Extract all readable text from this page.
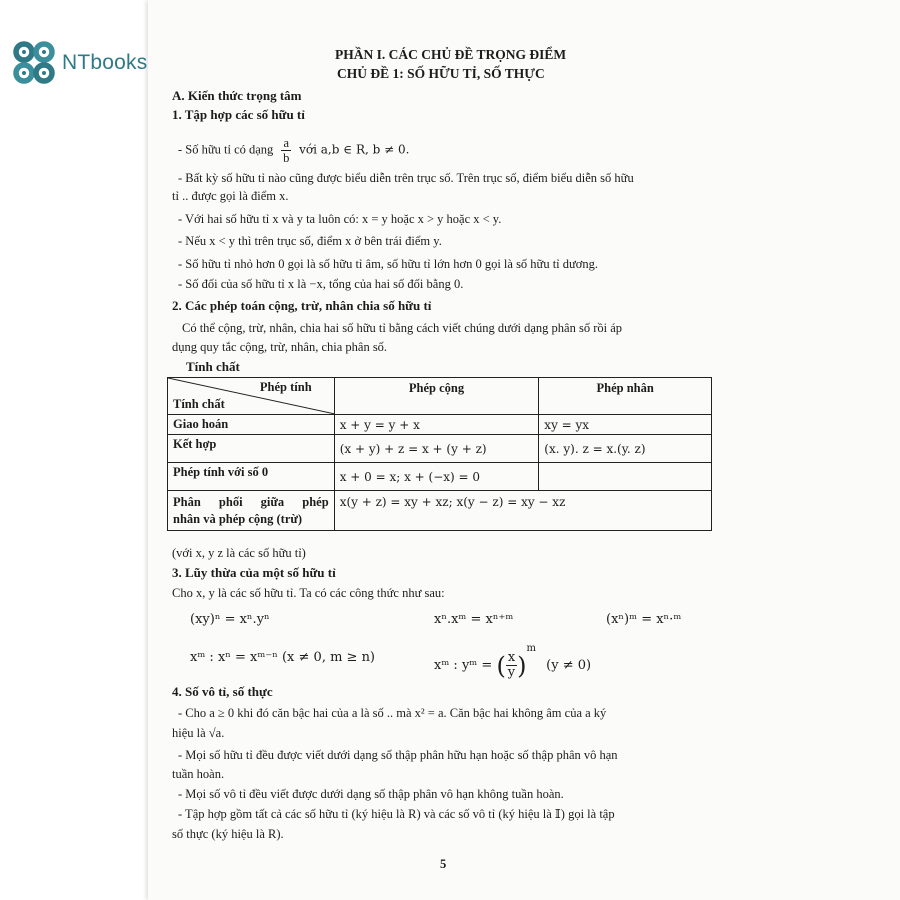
NTbooks	PHẦN I. CÁC CHỦ ĐỀ TRỌNG ĐIỂM
CHỦ ĐỀ 1: SỐ HỮU TỈ, SỐ THỰC
A. Kiến thức trọng tâm
1. Tập hợp các số hữu tỉ
- Số hữu tỉ có dạng $\frac{a}{b}$ với a,b ∈ R, b ≠ 0.
- Bất kỳ số hữu tỉ nào cũng được biểu diễn trên trục số. Trên trục số, điểm biểu diễn số hữu
tỉ .. được gọi là điểm x.
- Với hai số hữu tỉ x và y ta luôn có: x = y hoặc x > y hoặc x < y.
- Nếu x < y thì trên trục số, điểm x ở bên trái điểm y.
- Số hữu tỉ nhỏ hơn 0 gọi là số hữu tỉ âm, số hữu tỉ lớn hơn 0 gọi là số hữu tỉ dương.
- Số đối của số hữu tỉ x là −x, tổng của hai số đối bằng 0.
2. Các phép toán cộng, trừ, nhân chia số hữu tỉ
Có thể cộng, trừ, nhân, chia hai số hữu tỉ bằng cách viết chúng dưới dạng phân số rồi áp
dụng quy tắc cộng, trừ, nhân, chia phân số.
Tính chất
Phép tính
Tính chất	Phép cộng	Phép nhân
Giao hoán	x + y = y + x	xy = yx
Kết hợp	(x + y) + z = x + (y + z)	(x. y). z = x.(y. z)
Phép tính với số 0	x + 0 = x; x + (−x) = 0	

Phân phối giữa phép
nhân và phép cộng (trừ)	x(y + z) = xy + xz; x(y − z) = xy − xz	
(với x, y z là các số hữu tỉ)
3. Lũy thừa của một số hữu tỉ
Cho x, y là các số hữu tỉ. Ta có các công thức như sau:
(xy)ⁿ = xⁿ.yⁿ	xⁿ.xᵐ = xⁿ⁺ᵐ	(xⁿ)ᵐ = xⁿ·ᵐ
xᵐ : xⁿ = xᵐ⁻ⁿ (x ≠ 0, m ≥ n)	xᵐ : yᵐ = ( $\frac{x}{y} )^m$ (y ≠ 0)
4. Số vô tỉ, số thực
- Cho a ≥ 0 khi đó căn bậc hai của a là số .. mà x² = a. Căn bậc hai không âm của a ký
hiệu là √a.
- Mọi số hữu tỉ đều được viết dưới dạng số thập phân hữu hạn hoặc số thập phân vô hạn
tuần hoàn.
- Mọi số vô tỉ đều viết được dưới dạng số thập phân vô hạn không tuần hoàn.
- Tập hợp gồm tất cả các số hữu tỉ (ký hiệu là R) và các số vô tỉ (ký hiệu là 𝕀) gọi là tập
số thực (ký hiệu là R).
5
